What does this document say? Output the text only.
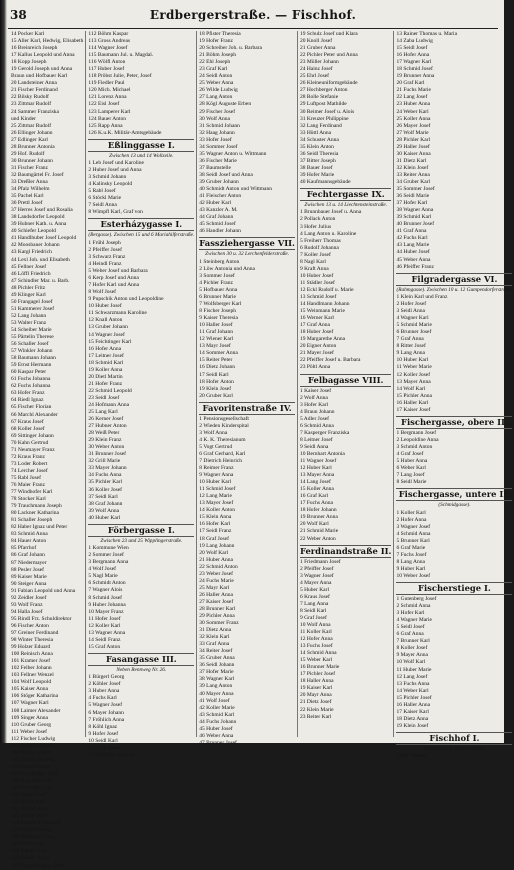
38	Erdbergerstraße. — Fischhof.
14 Pocker Karl
15 Aller Karl, Hedwig, Elisabeth
16 Breinreich Joseph
17 Kallus Leopold und Anna
18 Kopp Joseph
19 Gerold Joseph und Anna
Braun und Hofbauer Karl
20 Landsteiner Anna
21 Fischer Ferdinand
22 Bilsky Rudolf
23 Zittmar Rudolf
24 Sammer Franziska
und Kinder
25 Zittmar Rudolf
26 Ellinger Johann
27 Edlinger Karl
28 Brunner Antonia
29 Hof. Rudolf
30 Brunner Johann
31 Fischer Franz
32 Baumgärtel Fr. Josef
33 Dreßler Anna
34 Pfalz Wilhelm
35 Pachel Karl
36 Prettl Josef
37 Herres Josef und Rosalia
38 Landsdorfer Leopold
39 Hubner Kath. u. Anna
40 Schiefer Leopold
41 Handlhuber Josef Leopold
42 Moosbauer Johann
43 Kargl Friedrich
44 Lexl Joh. und Elisabeth
45 Fellner Josef
46 Löffl Friedrich
47 Schindler Mar. u. Barb.
48 Pichler Fritz
49 Klinger Karl
50 Frangagel Josef
51 Kammerer Josef
52 Lang Johann
53 Walter Franz
54 Scheiber Marie
55 Pärtelin Therese
56 Schaller Josef
57 Winkler Johann
58 Baumann Johann
59 Ernst Hermann
60 Kaspar Peter
61 Fuchs Johanna
62 Fuchs Johanna
63 Hofer Franz
64 Riedl Ignaz
65 Fischer Florian
66 Marchl Alexander
67 Kraus Josef
68 Koller Josef
69 Sittinger Johann
70 Kahn Gertrud
71 Neumayer Franz
72 Kraus Franz
73 Loder Robert
74 Lercher Josef
75 Rabl Josef
76 Maier Franz
77 Windhofer Karl
78 Stocker Karl
79 Trauchmann Joseph
80 Lackner Katharina
81 Schaller Joseph
82 Haber Ignaz und Peter
83 Schmid Anna
84 Hauer Anton
85 Pfarrhof
86 Graf Johann
87 Niedermayer
88 Pesler Josef
89 Kaiser Marie
90 Steiger Anna
91 Fabian Leopold und Anna
92 Zeidler Josef
93 Wolf Franz
94 Halla Josef
95 Rindl Frz. Schuldirektor
96 Fischer Anton
97 Greiner Ferdinand
98 Winter Theresia
99 Holzer Eduard
100 Reinisch Anna
101 Kramer Josef
102 Felber Johann
103 Fellner Wenzel
104 Wolf Leopold
105 Kaiser Anna
106 Stöger Katharina
107 Wagner Karl
108 Laimer Alexander
109 Singer Anna
110 Gruber Georg
111 Weber Josef
112 Fischer Ludwig
113 Seidl Elisabeth
114 Holzer Martin
115 Eigner Theresia
116 Rausch Anna
117 Kronberger Josef
118 Haas Michael
119 Schwabl Josef
120 Bauer Josef
121 Haller Karl
122 Haider Anna
123 Mayer Josef
124 Fischer Ferdinand
125 Strobl Johann
126 Hofmann Anna
127 Pelzl Josef
128 Kaiser Karl
129 Köhler Anna
130 Fuchs Alois u. Ferd.
112 Böhm Kaspar
113 Gross Andreas
114 Wagner Josef
115 Baumann Jul. u. Magdal.
116 Wölfl Anton
117 Huber Josef
118 Pröbst Julie, Peter, Josef
119 Fiedler Paul
120 Mich. Michael
121 Lorenz Anna
122 Eisl Josef
123 Lamperer Karl
124 Bauer Anton
125 Rapp Anna
126 K.u.K. Militär-Amtsgebäude
Eßlinggasse I.
Zwischen 13 und 14 Wollzeile.
1 Leb Josef und Karoline
2 Huber Josef und Anna
3 Schmid Johann
4 Kalinsky Leopold
5 Rabl Josef
6 Stöckl Marie
7 Seidl Anna
8 Wimpfl Karl, Graf von
Esterházygasse I.
(Bergasse). Zwischen 15 und 6 Mariahilferstraße.
1 Frühl Joseph
2 Pfeiffer Josef
3 Schwarz Franz
4 Heindl Franz
5 Weber Josef und Barbara
6 Kerp Josef und Anna
7 Hofer Karl und Anna
8 Wolf Josef
9 Pupschik Anton und Leopoldine
10 Huber Josef
11 Schwarzmann Karoline
12 Knall Anton
13 Gruber Johann
14 Wagner Josef
15 Feichtinger Karl
16 Hofer Anna
17 Leitner Josef
18 Schmid Karl
19 Koller Anna
20 Dietl Martin
21 Hofer Franz
22 Schmid Leopold
23 Seidl Josef
24 Hofmann Anna
25 Lang Karl
26 Kerner Josef
27 Hubner Anton
28 Weiß Peter
29 Klein Franz
30 Weber Anton
31 Brunner Josef
32 Grill Marie
33 Mayer Johann
34 Fuchs Anna
35 Pichler Karl
36 Koller Josef
37 Seidl Karl
38 Graf Johann
39 Wolf Anna
40 Huber Karl
Förbergasse I.
Zwischen 23 und 25 Wipplingerstraße.
1 Kommune Wien
2 Sommer Josef
3 Bergmann Anna
4 Wolf Josef
5 Nagl Marie
6 Schmidt Anton
7 Wagner Alois
8 Schmid Josef
9 Huber Johanna
10 Mayer Franz
11 Hofer Josef
12 Koller Karl
13 Wagner Anna
14 Seidl Franz
15 Graf Anton
Fasangasse III.
Neben Rennweg Nr. 26.
1 Bürgerl Georg
2 Köhler Josef
3 Huber Anna
4 Fuchs Karl
5 Wagner Josef
6 Mayer Johann
7 Fröhlich Anna
8 Köhl Ignaz
9 Hofer Josef
10 Seidl Karl
11 Lang Anna
12 Pettinger Andreas
18 Pfister Theresia
19 Hofer Franz
20 Schreiber Joh. u. Barbara
21 Böhm Joseph
22 Ehl Joseph
23 Graf Karl
24 Seidl Anton
25 Weber Anna
26 Wilde Ludwig
27 Lang Anton
28 Kögl Auguste Erben
29 Fischer Josef
30 Wolf Anna
31 Schmid Johann
32 Haag Johann
33 Hofer Josef
34 Sommer Josef
35 Wagner Anton u. Wittmann
36 Fischer Marie
37 Baumstelle
38 Seidl Josef und Anna
39 Gruber Johann
40 Schmidt Anton und Wittmann
41 Fleischer Anton
42 Huber Karl
43 Kanzler A. M.
44 Graf Johann
45 Schmid Josef
46 Handler Johann
Fassziehergasse VII.
Zwischen 30 u. 32 Lerchenfelderstraße.
1 Steinberg Anton
2 Löw Antonia und Anna
3 Sommer Josef
4 Pichler Franz
5 Hofbauer Anna
6 Brunner Marie
7 Wolfsberger Karl
8 Fischer Joseph
9 Kaiser Theresia
10 Haller Josef
11 Graf Johann
12 Wiener Karl
13 Mayr Josef
14 Sommer Anna
15 Reiter Peter
16 Dietz Johann
17 Seidl Karl
18 Hofer Anton
19 Klein Josef
20 Gruber Karl
Favoritenstraße IV.
1 Pensionsgesellschaft
2 Wieden Kinderspital
3 Wolf Anna
4 K. K. Theresianum
5 Vogt Gertrud
6 Graf Gerhard, Karl
7 Dietrich Heinrich
8 Reimer Franz
9 Wagner Anna
10 Huber Karl
11 Schmid Josef
12 Lang Marie
13 Mayer Josef
14 Koller Anton
15 Klein Anna
16 Hofer Karl
17 Seidl Franz
18 Graf Josef
19 Lang Johann
20 Wolf Karl
21 Huber Anna
22 Schmid Anton
23 Weber Josef
24 Fuchs Marie
25 Mayr Karl
26 Haller Anna
27 Kaiser Josef
28 Brunner Karl
29 Pichler Anna
30 Sommer Franz
31 Dietz Anna
32 Klein Karl
33 Graf Anna
34 Reiter Josef
35 Gruber Anna
36 Seidl Johann
37 Hofer Marie
38 Wagner Karl
39 Lang Anton
40 Mayer Anna
41 Wolf Josef
42 Koller Marie
43 Schmid Karl
44 Fuchs Johann
45 Huber Josef
46 Weber Anna
47 Brunner Josef
19 Schulz Josef und Klara
20 Knoll Josef
21 Gruber Anna
22 Pichler Peter und Anna
23 Müller Johann
24 Hainz Josef
25 Ehrl Josef
26 Kleineuniformgebäude
27 Hochberger Anton
28 Rolle Stefanie
29 Luftpost Mathilde
30 Reimer Josef u. Alois
31 Kreuzer Philippine
32 Lang Ferdinand
33 Hüttl Anna
34 Schuster Anna
35 Klein Anton
36 Seidl Theresia
37 Bitter Joseph
38 Bauer Josef
39 Hofer Marie
40 Kaufmannsgebäude
Fechtergasse IX.
Zwischen 13 u. 14 Liechtensteinstraße.
1 Brunnbauer Josef u. Anna
2 Pollack Anton
3 Hofer Julius
4 Lang Anton u. Karoline
5 Freiherr Thomas
6 Rudolf Johanna
7 Koller Josef
8 Nagl Karl
9 Kraft Anna
10 Huber Josef
11 Städler Josef
12 Eckl Rudolf u. Marie
13 Schmid Josef
14 Handlmann Johann
15 Weinmann Marie
16 Werner Karl
17 Graf Anna
18 Huber Josef
19 Margarethe Anna
20 Eigner Anton
21 Mayer Josef
22 Pfeiffer Josef u. Barbara
23 Pöltl Anna
Felbagasse VIII.
1 Kaiser Josef
2 Wolf Anna
3 Hofer Karl
4 Braun Johann
5 Adler Josef
6 Schmid Anna
7 Kasperger Franziska
8 Leitner Josef
9 Seidl Anna
10 Bernhart Antonia
11 Wagner Josef
12 Huber Karl
13 Mayer Anna
14 Lang Josef
15 Koller Anna
16 Graf Karl
17 Fuchs Anna
18 Hofer Johann
19 Brunner Anna
20 Wolf Karl
21 Schmid Marie
22 Weber Anton
Ferdinandstraße II.
1 Friedmann Josef
2 Pfeiffer Josef
3 Wagner Josef
4 Mayer Anna
5 Huber Karl
6 Kraus Josef
7 Lang Anna
8 Seidl Karl
9 Graf Josef
10 Wolf Anna
11 Koller Karl
12 Hofer Anna
13 Fuchs Josef
14 Schmid Anna
15 Weber Karl
16 Brunner Marie
17 Pichler Josef
18 Haller Anna
19 Kaiser Karl
20 Mayr Anna
21 Dietz Josef
22 Klein Marie
23 Reiter Karl
13 Rainer Thomas u. Maria
14 Zaba Ludwig
15 Seidl Josef
16 Hofer Anna
17 Wagner Karl
18 Schmid Josef
19 Brunner Anna
20 Graf Karl
21 Fuchs Marie
22 Lang Josef
23 Huber Anna
24 Weber Karl
25 Koller Anna
26 Mayer Josef
27 Wolf Marie
28 Pichler Karl
29 Haller Josef
30 Kaiser Anna
31 Dietz Karl
32 Klein Josef
33 Reiter Anna
34 Gruber Karl
35 Sommer Josef
36 Seidl Marie
37 Hofer Karl
38 Wagner Anna
39 Schmid Karl
40 Brunner Josef
41 Graf Anna
42 Fuchs Karl
43 Lang Marie
44 Huber Josef
45 Weber Anna
46 Pfeiffer Franz
Filgradergasse VI.
(Rahmgasse). Zwischen 10 u. 12 Gumpendorferstraße.
1 Klein Karl und Franz
2 Hofer Josef
3 Seidl Anna
4 Wagner Karl
5 Schmid Marie
6 Brunner Josef
7 Graf Anna
8 Ritter Josef
9 Lang Anna
10 Huber Karl
11 Weber Marie
12 Koller Josef
13 Mayer Anna
14 Wolf Karl
15 Pichler Anna
16 Haller Karl
17 Kaiser Josef
Fischergasse, obere II.
1 Bergmann Josef
2 Leopoldine Anna
3 Schmid Anton
4 Graf Josef
5 Huber Anna
6 Weber Karl
7 Lang Josef
8 Seidl Marie
Fischergasse, untere II.
(Schmidgasse).
1 Koller Karl
2 Hofer Anna
3 Wagner Josef
4 Schmid Anna
5 Brunner Karl
6 Graf Marie
7 Fuchs Josef
8 Lang Anna
9 Huber Karl
10 Weber Josef
Fischerstiege I.
1 Gutenberg Josef
2 Schmid Anna
3 Hofer Karl
4 Wagner Marie
5 Seidl Josef
6 Graf Anna
7 Brunner Karl
8 Koller Josef
9 Mayer Anna
10 Wolf Karl
11 Huber Marie
12 Lang Josef
13 Fuchs Anna
14 Weber Karl
15 Pichler Josef
16 Haller Anna
17 Kaiser Karl
18 Dietz Anna
19 Klein Josef
Fischhof I.
Zwischen 7 u. 9 Hohe Markt.
1 Der "Anker"
